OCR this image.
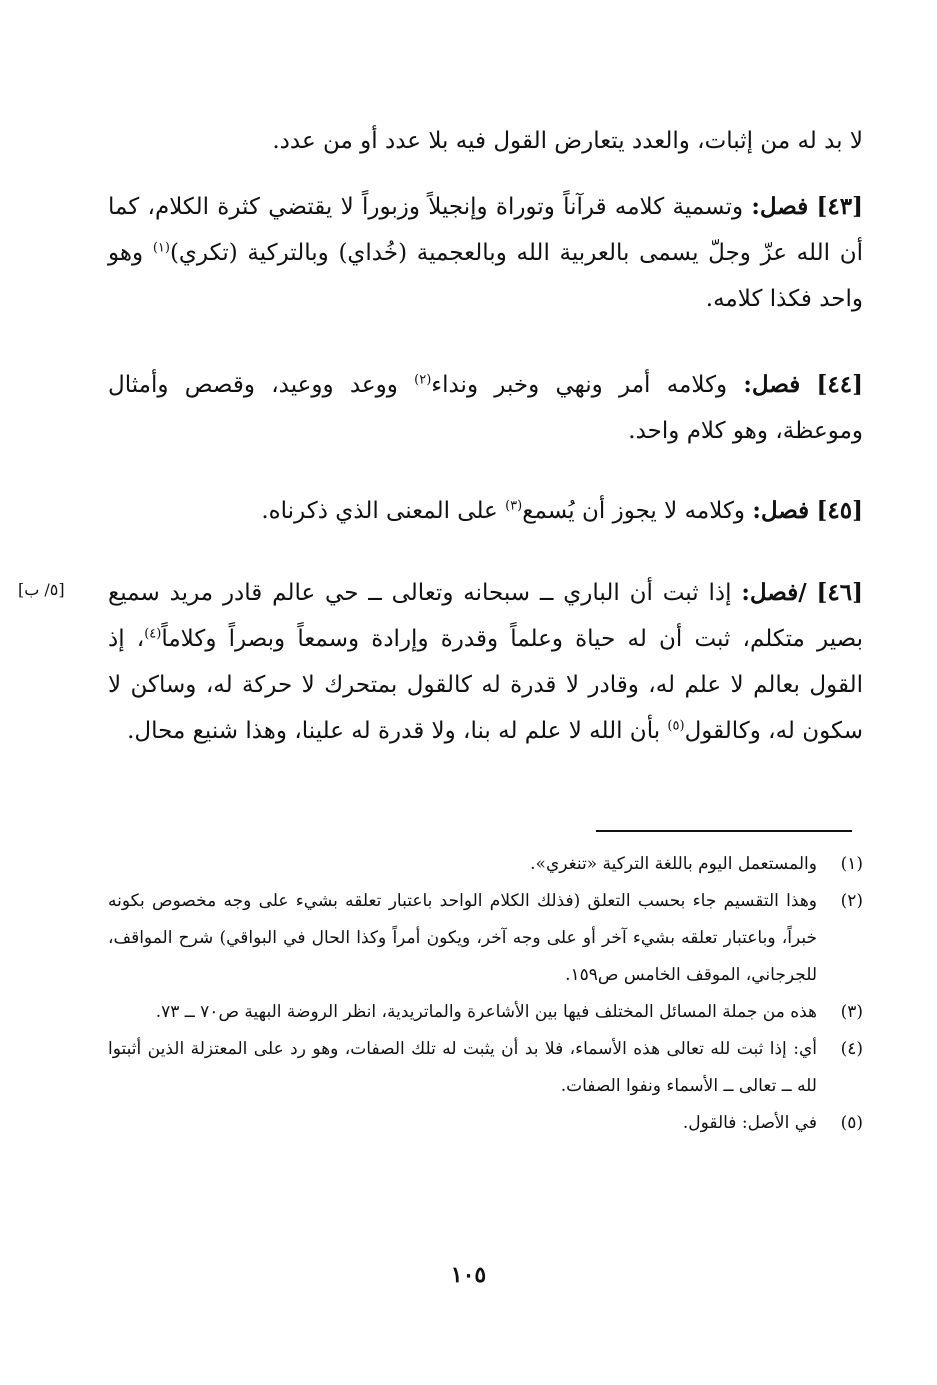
لا بد له من إثبات، والعدد يتعارض القول فيه بلا عدد أو من عدد.

[٤٣] فصل: وتسمية كلامه قرآناً وتوراة وإنجيلاً وزبوراً لا يقتضي كثرة الكلام، كما أن الله عزّ وجلّ يسمى بالعربية الله وبالعجمية (خُداي) وبالتركية (تكري)$^{(١)}$ وهو واحد فكذا كلامه.

[٤٤] فصل: وكلامه أمر ونهي وخبر ونداء$^{(٢)}$ ووعد ووعيد، وقصص وأمثال وموعظة، وهو كلام واحد.

[٤٥] فصل: وكلامه لا يجوز أن يُسمع$^{(٣)}$ على المعنى الذي ذكرناه.

[٤٦] /فصل: إذا ثبت أن الباري ــ سبحانه وتعالى ــ حي عالم قادر مريد سميع بصير متكلم، ثبت أن له حياة وعلماً وقدرة وإرادة وسمعاً وبصراً وكلاماً$^{(٤)}$، إذ القول بعالم لا علم له، وقادر لا قدرة له كالقول بمتحرك لا حركة له، وساكن لا سكون له، وكالقول$^{(٥)}$ بأن الله لا علم له بنا، ولا قدرة له علينا، وهذا شنيع محال.

[٥/ ب]
(١)
والمستعمل اليوم باللغة التركية «تنغري».
(٢)
وهذا التقسيم جاء بحسب التعلق (فذلك الكلام الواحد باعتبار تعلقه بشيء على وجه مخصوص بكونه خبراً، وباعتبار تعلقه بشيء آخر أو على وجه آخر، ويكون أمراً وكذا الحال في البواقي) شرح المواقف، للجرجاني، الموقف الخامس ص١٥٩.
(٣)
هذه من جملة المسائل المختلف فيها بين الأشاعرة والماتريدية، انظر الروضة البهية ص٧٠ ــ ٧٣.
(٤)
أي: إذا ثبت لله تعالى هذه الأسماء، فلا بد أن يثبت له تلك الصفات، وهو رد على المعتزلة الذين أثبتوا لله ــ تعالى ــ الأسماء ونفوا الصفات.
(٥)
في الأصل: فالقول.
١٠٥
